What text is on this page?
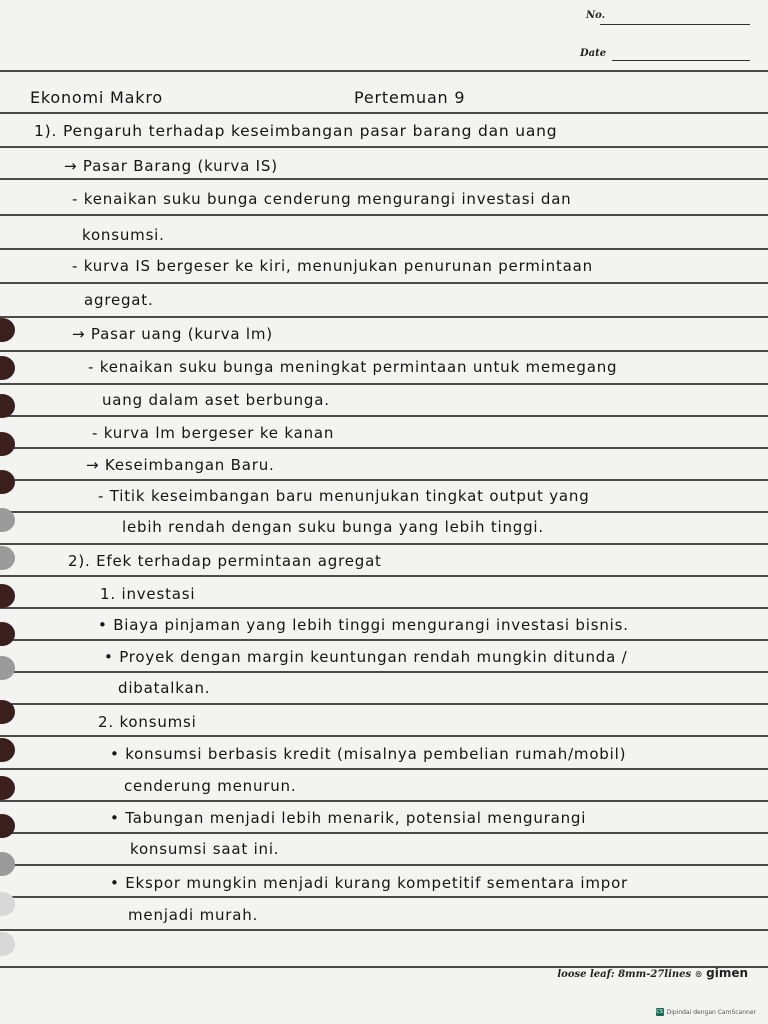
No.
Date
Ekonomi Makro	Pertemuan 9
1). Pengaruh terhadap keseimbangan pasar barang dan uang
→ Pasar Barang (kurva IS)
- kenaikan suku bunga cenderung mengurangi investasi dan
konsumsi.
- kurva IS bergeser ke kiri, menunjukan penurunan permintaan
agregat.
→ Pasar uang (kurva lm)
- kenaikan suku bunga meningkat permintaan untuk memegang
uang dalam aset berbunga.
- kurva lm bergeser ke kanan
→ Keseimbangan Baru.
- Titik keseimbangan baru menunjukan tingkat output yang
lebih rendah dengan suku bunga yang lebih tinggi.
2). Efek terhadap permintaan agregat
1. investasi
• Biaya pinjaman yang lebih tinggi mengurangi investasi bisnis.
• Proyek dengan margin keuntungan rendah mungkin ditunda /
dibatalkan.
2. konsumsi
• konsumsi berbasis kredit (misalnya pembelian rumah/mobil)
cenderung menurun.
• Tabungan menjadi lebih menarik, potensial mengurangi
konsumsi saat ini.
• Ekspor mungkin menjadi kurang kompetitif sementara impor
menjadi murah.
loose leaf: 8mm-27lines ® gimen
CS Dipindai dengan CamScanner
